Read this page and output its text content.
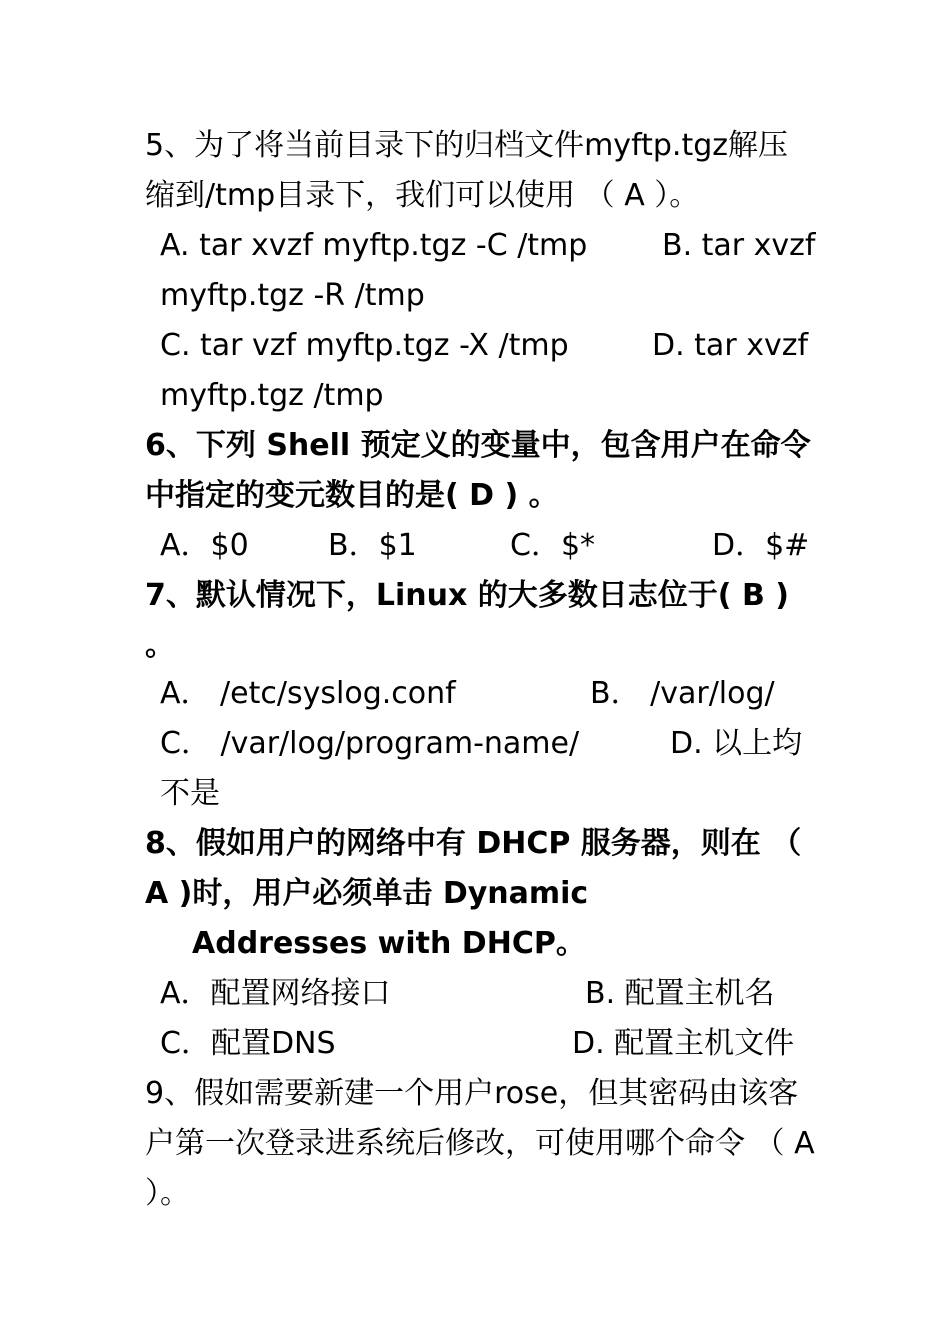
5、为了将当前目录下的归档文件myftp.tgz解压
缩到/tmp目录下，我们可以使用 （ A ）。
A. tar xvzf myftp.tgz -C /tmp B. tar xvzf
myftp.tgz -R /tmp
C. tar vzf myftp.tgz -X /tmp	D. tar xvzf
myftp.tgz /tmp
6、下列 Shell 预定义的变量中，包含用户在命令
中指定的变元数目的是( D ) 。
A．$0	B．$1	C．$*	D．$#
7、默认情况下，Linux 的大多数日志位于( B )
。
A． /etc/syslog.conf	B． /var/log/
C． /var/log/program-name/	D. 以上均
不是
8、假如用户的网络中有 DHCP 服务器，则在 （
A )时，用户必须单击 Dynamic
Addresses with DHCP。
A．配置网络接口	B. 配置主机名
C．配置DNS	D. 配置主机文件
9、假如需要新建一个用户rose，但其密码由该客
户第一次登录进系统后修改，可使用哪个命令 （ A
）。
